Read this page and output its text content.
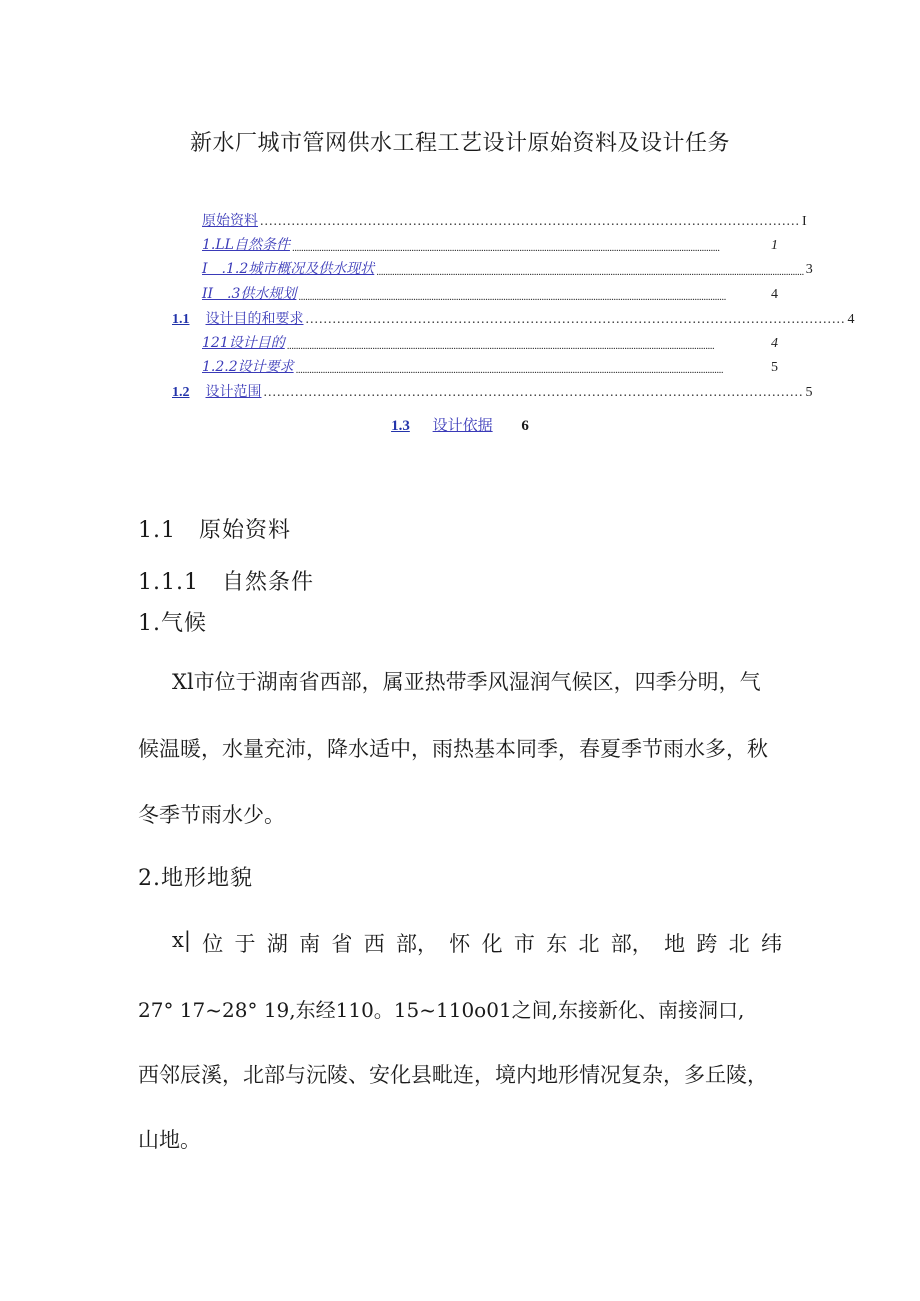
新水厂城市管网供水工程工艺设计原始资料及设计任务
原始资料 ........................................................................................................................ I
1.LL自然条件 ..............................................................................................................................................................................................	1
I　.1.2城市概况及供水现状 .............................................................................................................................................................................................. 3
II　.3供水规划 ..............................................................................................................................................................................................	4
1.1 设计目的和要求 ........................................................................................................................ 4
121设计目的 ..............................................................................................................................................................................................	4
1.2.2设计要求 ..............................................................................................................................................................................................	5
1.2 设计范围 ........................................................................................................................ 5
1.3 设计依据 6
1.1　原始资料
1.1.1　自然条件
1.气候
Xl市位于湖南省西部，属亚热带季风湿润气候区，四季分明，气
候温暖，水量充沛，降水适中，雨热基本同季，春夏季节雨水多，秋
冬季节雨水少。
2.地形地貌
x| 位 于 湖 南 省 西 部， 怀 化 市 东 北 部， 地 跨 北 纬
27° 17~28° 19,东经110。15~110o01之间,东接新化、南接洞口,
西邻辰溪，北部与沅陵、安化县毗连，境内地形情况复杂，多丘陵，
山地。
